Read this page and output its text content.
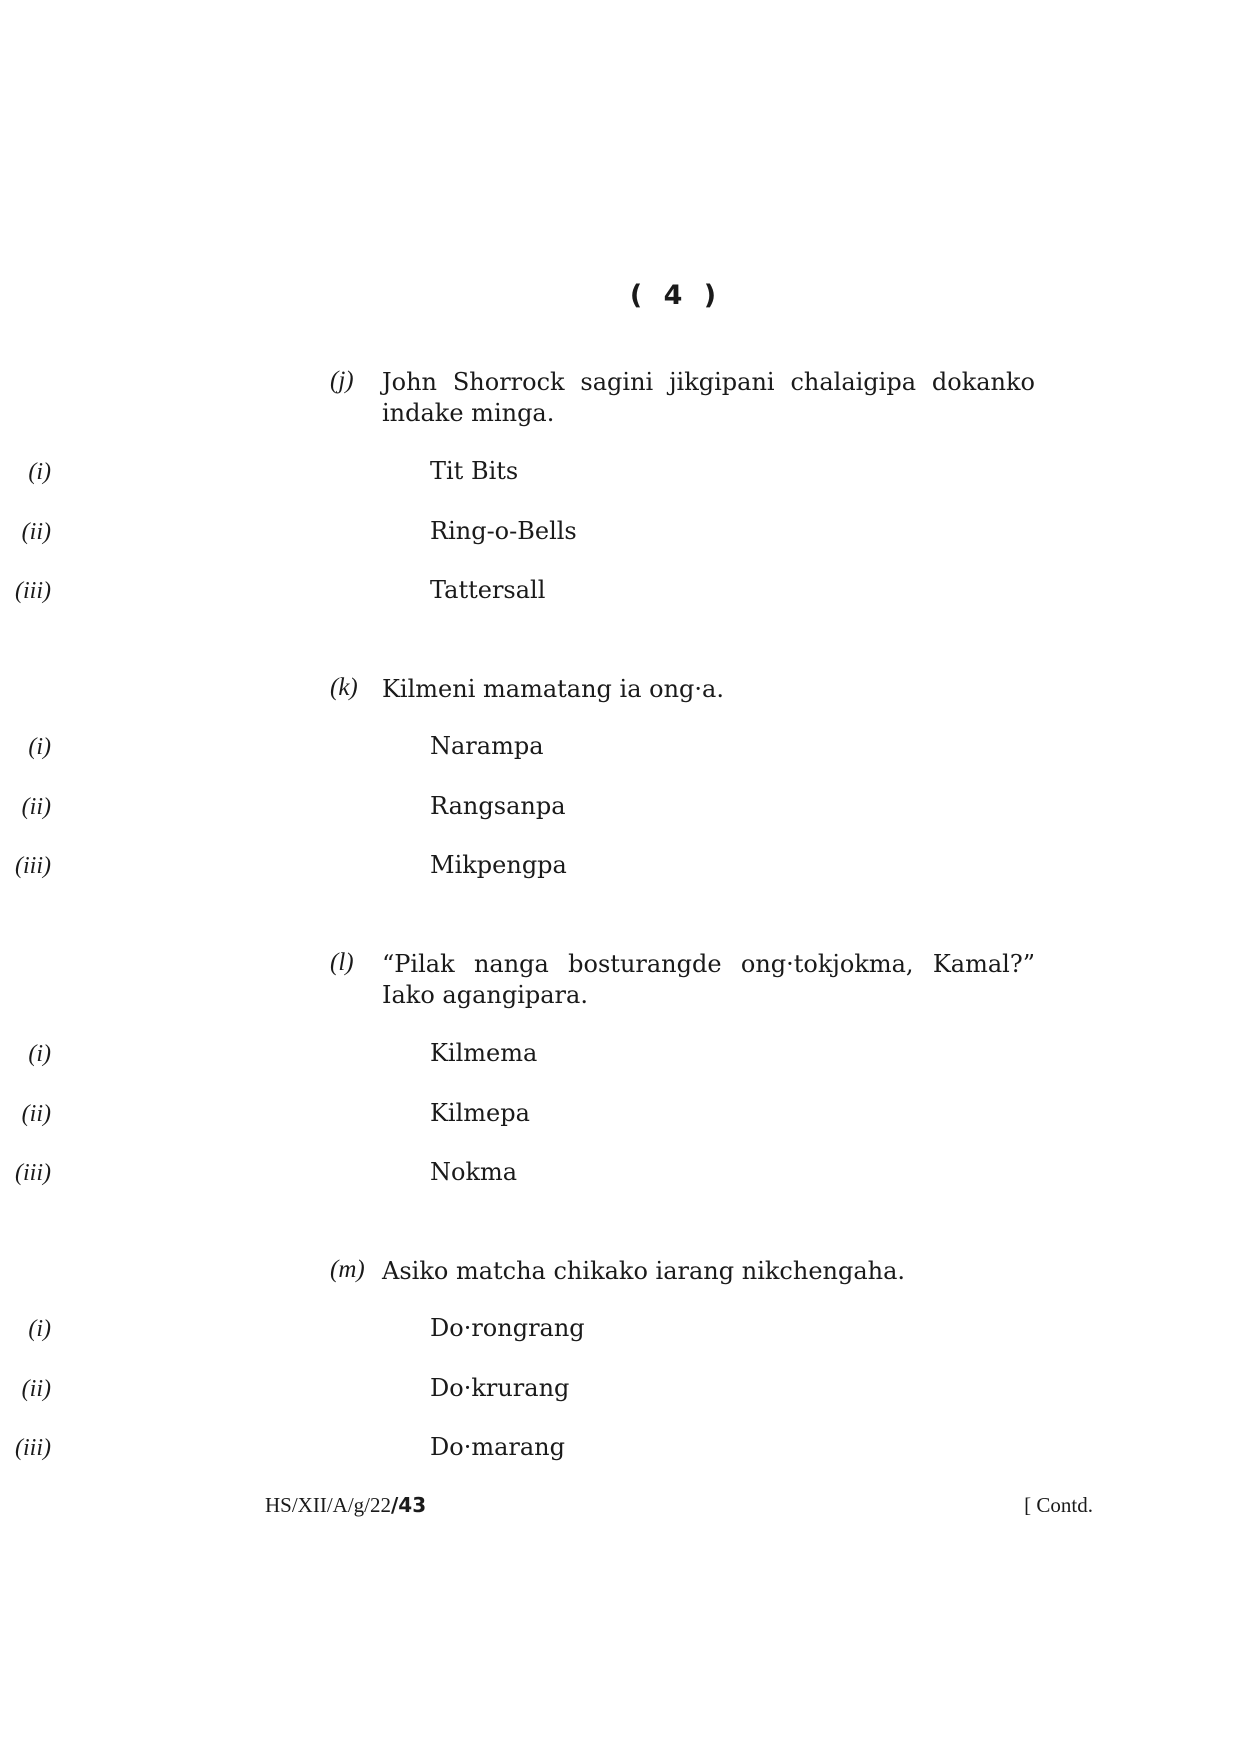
( 4 )
(j) John Shorrock sagini jikgipani chalaigipa dokanko indake minga.
(i)	Tit Bits
(ii)	Ring-o-Bells
(iii)	Tattersall
(k) Kilmeni mamatang ia ong·a.
(i)	Narampa
(ii)	Rangsanpa
(iii)	Mikpengpa
(l) “Pilak nanga bosturangde ong·tokjokma, Kamal?” Iako agangipara.
(i)	Kilmema
(ii)	Kilmepa
(iii)	Nokma
(m) Asiko matcha chikako iarang nikchengaha.
(i)	Do·rongrang
(ii)	Do·krurang
(iii)	Do·marang
HS/XII/A/g/22/43	[ Contd.
